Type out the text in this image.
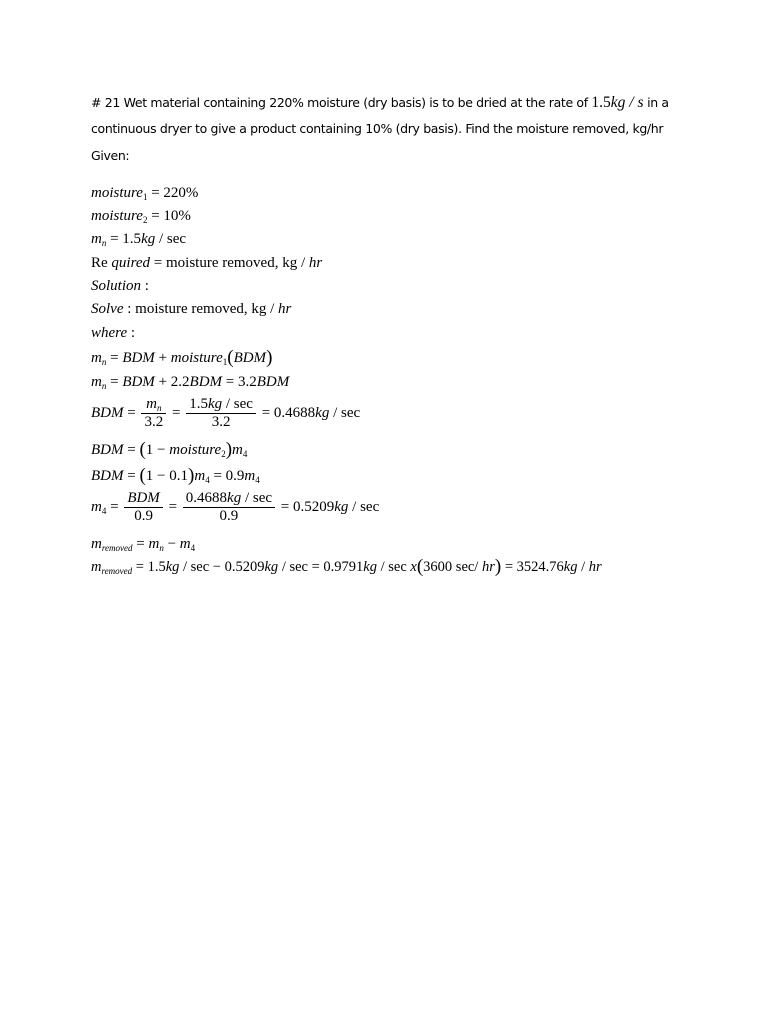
# 21 Wet material containing 220% moisture (dry basis) is to be dried at the rate of 1.5kg / s in a
continuous dryer to give a product containing 10% (dry basis). Find the moisture removed, kg/hr
Given:
moisture$_1$ = 220%
moisture$_2$ = 10%
$m_n = 1.5kg / \sec$
Re quired = moisture removed, kg / hr
Solution :
Solve : moisture removed, kg / hr
where :
$m_n$ = BDM + moisture$_1$(BDM)
$m_n$ = BDM + 2.2BDM = 3.2BDM
BDM = $\frac{m_n}{3.2} = \frac{1.5kg / \sec}{3.2} = 0.4688kg / \sec$
BDM = $(1 - moisture_2)m_4$
BDM = $(1 - 0.1)m_4 = 0.9m_4$
$m_4 = \frac{\text{BDM}}{0.9} = \frac{0.4688kg / \sec}{0.9} = 0.5209kg / \sec$
$m_{removed} = m_n - m_4$
$m_{removed} = 1.5kg / \sec - 0.5209kg / \sec = 0.9791kg / \sec x(3600$ sec/ hr) = 3524.76kg / hr
